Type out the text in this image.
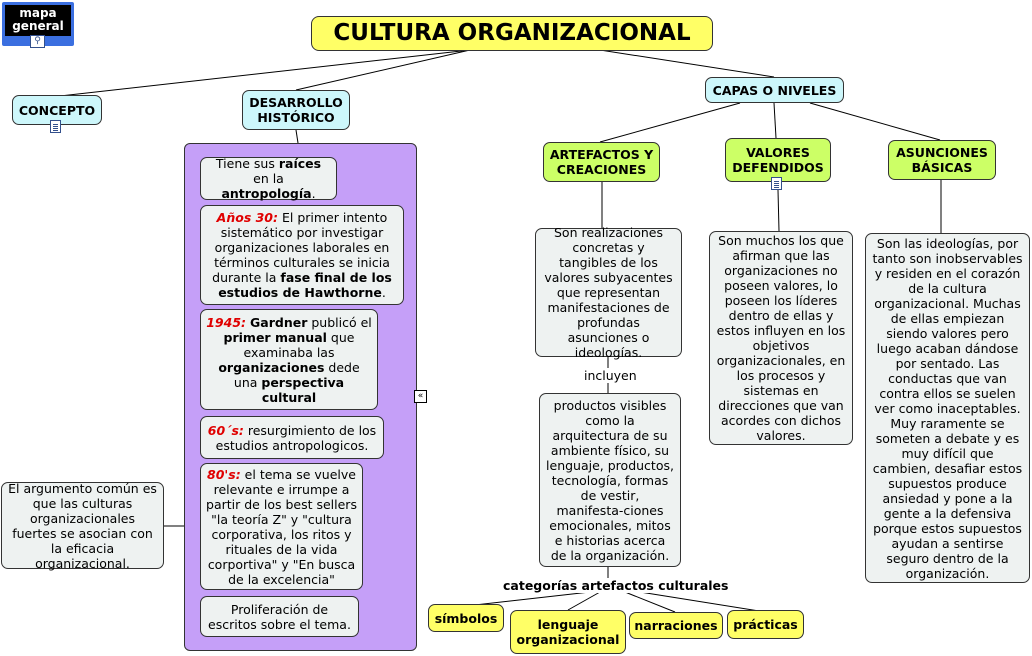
mapa general
⚲	CULTURA ORGANIZACIONAL
CONCEPTO	DESARROLLO HISTÓRICO
CAPAS O NIVELES
ARTEFACTOS Y CREACIONES
VALORES DEFENDIDOS
ASUNCIONES BÁSICAS
«
Tiene sus raíces en la antropología.
Años 30: El primer intento sistemático por investigar organizaciones laborales en términos culturales se inicia durante la fase final de los estudios de Hawthorne.
1945: Gardner publicó el primer manual que examinaba las organizaciones dede una perspectiva cultural
60´s: resurgimiento de los estudios antropologicos.
80's: el tema se vuelve relevante e irrumpe a partir de los best sellers "la teoría Z" y "cultura corporativa, los ritos y rituales de la vida corportiva" y "En busca de la excelencia"
Proliferación de escritos sobre el tema.
El argumento común es que las culturas organizacionales fuertes se asocian con la eficacia organizacional.
Son realizaciones concretas y tangibles de los valores subyacentes que representan manifestaciones de profundas asunciones o ideologías.
incluyen
productos visibles como la arquitectura de su ambiente físico, su lenguaje, productos, tecnología, formas de vestir, manifesta-ciones emocionales, mitos e historias acerca de la organización.
categorías artefactos culturales
símbolos	lenguaje organizacional
narraciones prácticas
Son muchos los que afirman que las organizaciones no poseen valores, lo poseen los líderes dentro de ellas y estos influyen en los objetivos organizacionales, en los procesos y sistemas en direcciones que van acordes con dichos valores.
Son las ideologías, por tanto son inobservables y residen en el corazón de la cultura organizacional. Muchas de ellas empiezan siendo valores pero luego acaban dándose por sentado. Las conductas que van contra ellos se suelen ver como inaceptables. Muy raramente se someten a debate y es muy difícil que cambien, desafiar estos supuestos produce ansiedad y pone a la gente a la defensiva porque estos supuestos ayudan a sentirse seguro dentro de la organización.
